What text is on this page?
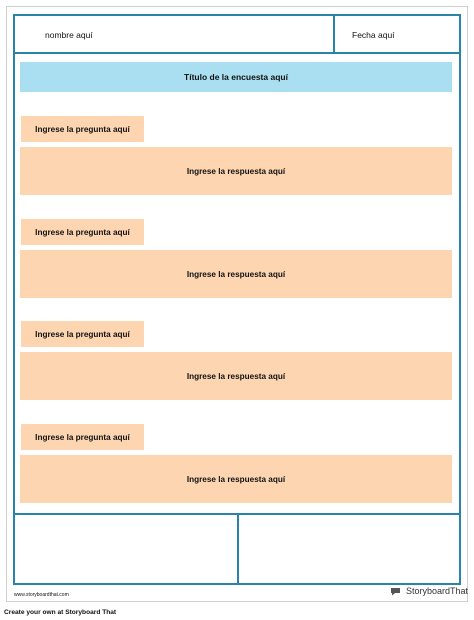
nombre aquí	Fecha aquí
Título de la encuesta aquí
Ingrese la pregunta aquí
Ingrese la respuesta aquí
Ingrese la pregunta aquí
Ingrese la respuesta aquí
Ingrese la pregunta aquí
Ingrese la respuesta aquí
Ingrese la pregunta aquí
Ingrese la respuesta aquí
www.storyboardthat.com	StoryboardThat
Create your own at Storyboard That
